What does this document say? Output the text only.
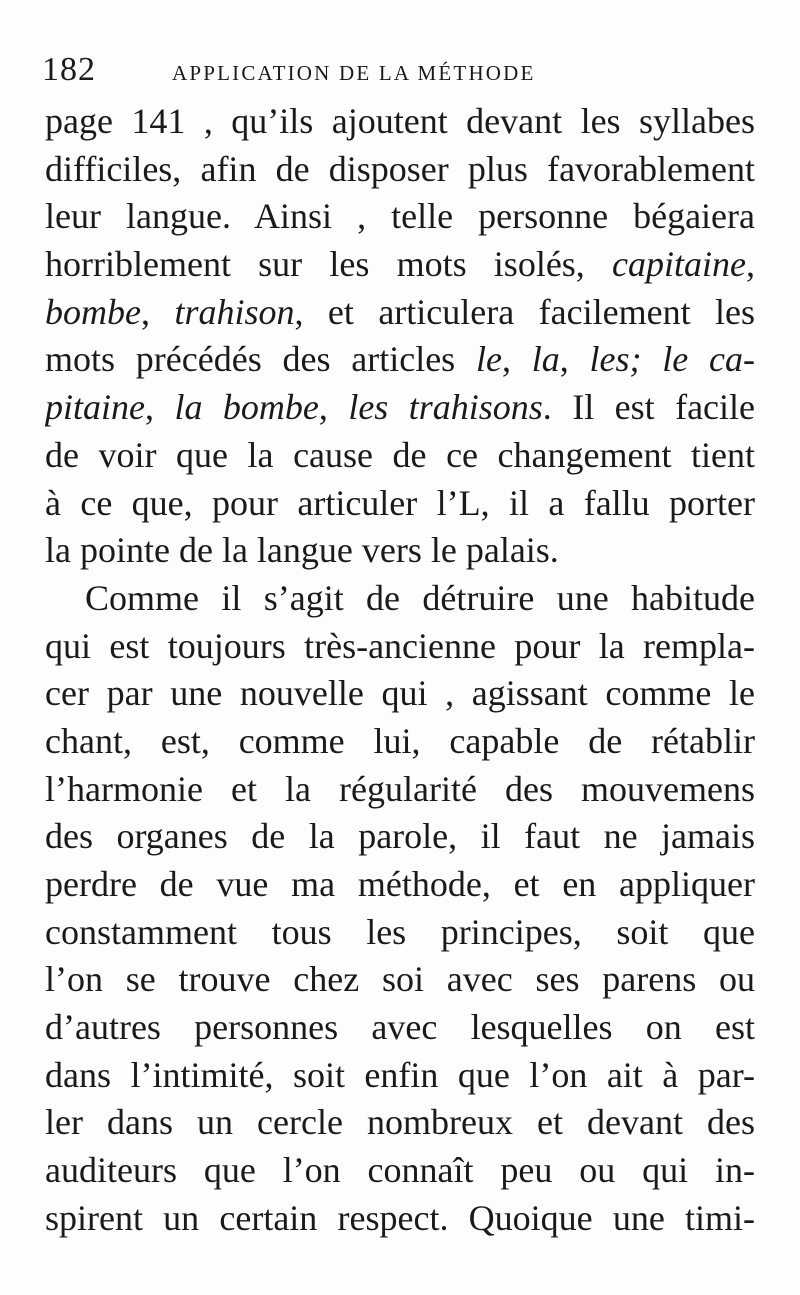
182	APPLICATION DE LA MÉTHODE
page 141 , qu’ils ajoutent devant les syllabes
difficiles, afin de disposer plus favorablement
leur langue. Ainsi , telle personne bégaiera
horriblement sur les mots isolés, capitaine,
bombe, trahison, et articulera facilement les
mots précédés des articles le, la, les; le ca-
pitaine, la bombe, les trahisons. Il est facile
de voir que la cause de ce changement tient
à ce que, pour articuler l’L, il a fallu porter
la pointe de la langue vers le palais.
Comme il s’agit de détruire une habitude
qui est toujours très-ancienne pour la rempla-
cer par une nouvelle qui , agissant comme le
chant, est, comme lui, capable de rétablir
l’harmonie et la régularité des mouvemens
des organes de la parole, il faut ne jamais
perdre de vue ma méthode, et en appliquer
constamment tous les principes, soit que
l’on se trouve chez soi avec ses parens ou
d’autres personnes avec lesquelles on est
dans l’intimité, soit enfin que l’on ait à par-
ler dans un cercle nombreux et devant des
auditeurs que l’on connaît peu ou qui in-
spirent un certain respect. Quoique une timi-
